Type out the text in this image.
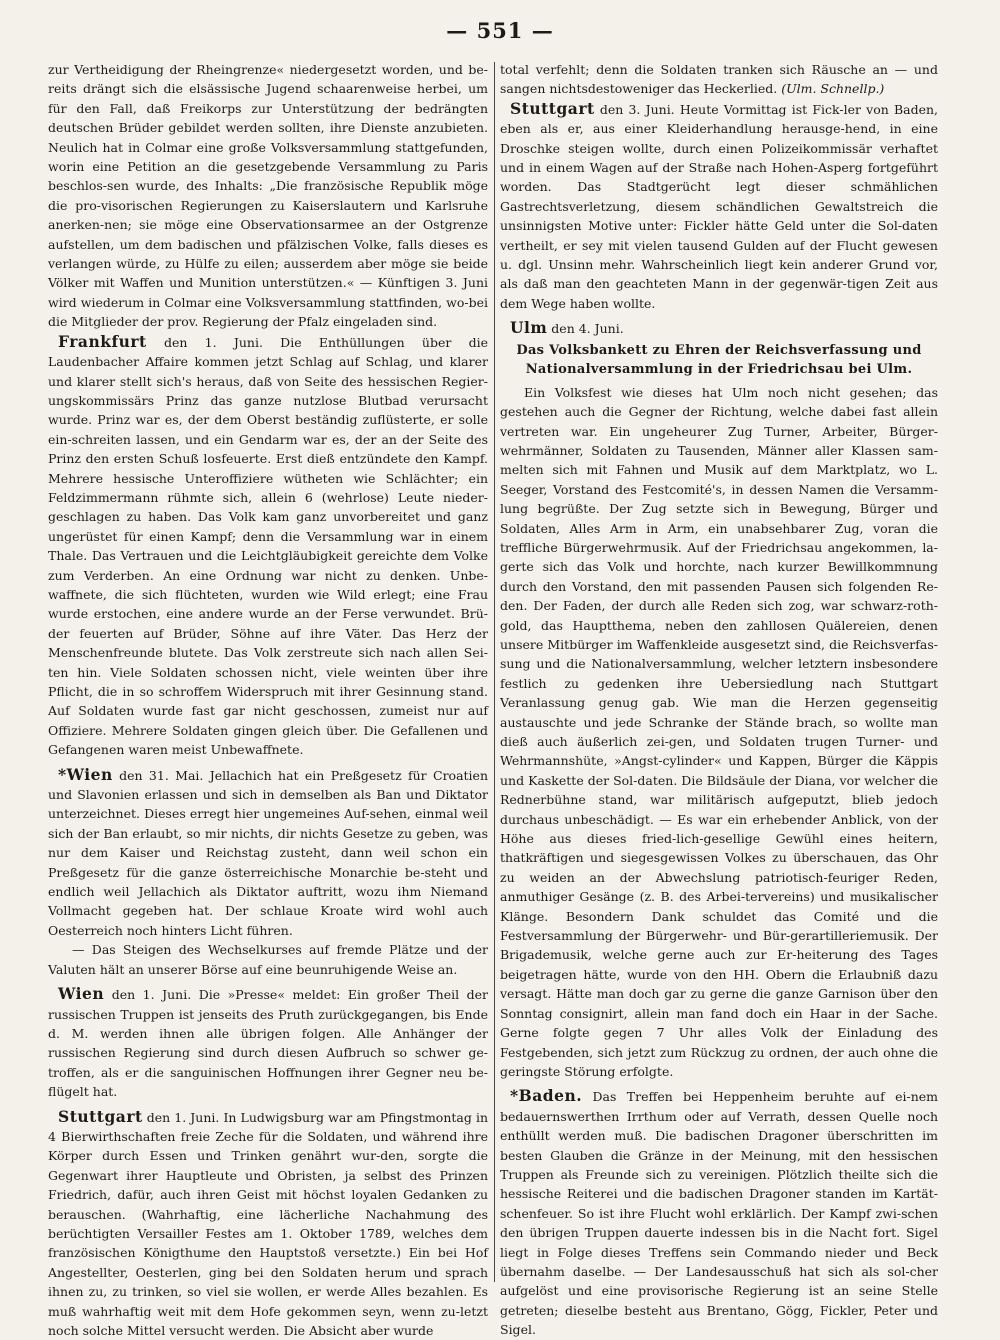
— 551 —

zur Vertheidigung der Rheingrenze« niedergesetzt worden, und be-reits drängt sich die elsässische Jugend schaarenweise herbei, um für den Fall, daß Freikorps zur Unterstützung der bedrängten deutschen Brüder gebildet werden sollten, ihre Dienste anzubieten. Neulich hat in Colmar eine große Volksversammlung stattgefunden, worin eine Petition an die gesetzgebende Versammlung zu Paris beschlos-sen wurde, des Inhalts: „Die französische Republik möge die pro-visorischen Regierungen zu Kaiserslautern und Karlsruhe anerken-nen; sie möge eine Observationsarmee an der Ostgrenze aufstellen, um dem badischen und pfälzischen Volke, falls dieses es verlangen würde, zu Hülfe zu eilen; ausserdem aber möge sie beide Völker mit Waffen und Munition unterstützen.« — Künftigen 3. Juni wird wiederum in Colmar eine Volksversammlung stattfinden, wo-bei die Mitglieder der prov. Regierung der Pfalz eingeladen sind.

Frankfurt den 1. Juni. Die Enthüllungen über die Laudenbacher Affaire kommen jetzt Schlag auf Schlag, und klarer und klarer stellt sich's heraus, daß von Seite des hessischen Regier-ungskommissärs Prinz das ganze nutzlose Blutbad verursacht wurde. Prinz war es, der dem Oberst beständig zuflüsterte, er solle ein-schreiten lassen, und ein Gendarm war es, der an der Seite des Prinz den ersten Schuß losfeuerte. Erst dieß entzündete den Kampf. Mehrere hessische Unteroffiziere wütheten wie Schlächter; ein Feldzimmermann rühmte sich, allein 6 (wehrlose) Leute nieder-geschlagen zu haben. Das Volk kam ganz unvorbereitet und ganz ungerüstet für einen Kampf; denn die Versammlung war in einem Thale. Das Vertrauen und die Leichtgläubigkeit gereichte dem Volke zum Verderben. An eine Ordnung war nicht zu denken. Unbe-waffnete, die sich flüchteten, wurden wie Wild erlegt; eine Frau wurde erstochen, eine andere wurde an der Ferse verwundet. Brü-der feuerten auf Brüder, Söhne auf ihre Väter. Das Herz der Menschenfreunde blutete. Das Volk zerstreute sich nach allen Sei-ten hin. Viele Soldaten schossen nicht, viele weinten über ihre Pflicht, die in so schroffem Widerspruch mit ihrer Gesinnung stand. Auf Soldaten wurde fast gar nicht geschossen, zumeist nur auf Offiziere. Mehrere Soldaten gingen gleich über. Die Gefallenen und Gefangenen waren meist Unbewaffnete.

*Wien den 31. Mai. Jellachich hat ein Preßgesetz für Croatien und Slavonien erlassen und sich in demselben als Ban und Diktator unterzeichnet. Dieses erregt hier ungemeines Auf-sehen, einmal weil sich der Ban erlaubt, so mir nichts, dir nichts Gesetze zu geben, was nur dem Kaiser und Reichstag zusteht, dann weil schon ein Preßgesetz für die ganze österreichische Monarchie be-steht und endlich weil Jellachich als Diktator auftritt, wozu ihm Niemand Vollmacht gegeben hat. Der schlaue Kroate wird wohl auch Oesterreich noch hinters Licht führen.

— Das Steigen des Wechselkurses auf fremde Plätze und der Valuten hält an unserer Börse auf eine beunruhigende Weise an.

Wien den 1. Juni. Die »Presse« meldet: Ein großer Theil der russischen Truppen ist jenseits des Pruth zurückgegangen, bis Ende d. M. werden ihnen alle übrigen folgen. Alle Anhänger der russischen Regierung sind durch diesen Aufbruch so schwer ge-troffen, als er die sanguinischen Hoffnungen ihrer Gegner neu be-flügelt hat.

Stuttgart den 1. Juni. In Ludwigsburg war am Pfingstmontag in 4 Bierwirthschaften freie Zeche für die Soldaten, und während ihre Körper durch Essen und Trinken genährt wur-den, sorgte die Gegenwart ihrer Hauptleute und Obristen, ja selbst des Prinzen Friedrich, dafür, auch ihren Geist mit höchst loyalen Gedanken zu berauschen. (Wahrhaftig, eine lächerliche Nachahmung des berüchtigten Versailler Festes am 1. Oktober 1789, welches dem französischen Königthume den Hauptstoß versetzte.) Ein bei Hof Angestellter, Oesterlen, ging bei den Soldaten herum und sprach ihnen zu, zu trinken, so viel sie wollen, er werde Alles bezahlen. Es muß wahrhaftig weit mit dem Hofe gekommen seyn, wenn zu-letzt noch solche Mittel versucht werden. Die Absicht aber wurde

total verfehlt; denn die Soldaten tranken sich Räusche an — und sangen nichtsdestoweniger das Heckerlied. (Ulm. Schnellp.)

Stuttgart den 3. Juni. Heute Vormittag ist Fick-ler von Baden, eben als er, aus einer Kleiderhandlung herausge-hend, in eine Droschke steigen wollte, durch einen Polizeikommissär verhaftet und in einem Wagen auf der Straße nach Hohen-Asperg fortgeführt worden. Das Stadtgerücht legt dieser schmählichen Gastrechtsverletzung, diesem schändlichen Gewaltstreich die unsinnigsten Motive unter: Fickler hätte Geld unter die Sol-daten vertheilt, er sey mit vielen tausend Gulden auf der Flucht gewesen u. dgl. Unsinn mehr. Wahrscheinlich liegt kein anderer Grund vor, als daß man den geachteten Mann in der gegenwär-tigen Zeit aus dem Wege haben wollte.

Ulm den 4. Juni.

Das Volksbankett zu Ehren der Reichsverfassung und Nationalversammlung in der Friedrichsau bei Ulm.

Ein Volksfest wie dieses hat Ulm noch nicht gesehen; das gestehen auch die Gegner der Richtung, welche dabei fast allein vertreten war. Ein ungeheurer Zug Turner, Arbeiter, Bürger-wehrmänner, Soldaten zu Tausenden, Männer aller Klassen sam-melten sich mit Fahnen und Musik auf dem Marktplatz, wo L. Seeger, Vorstand des Festcomité's, in dessen Namen die Versamm-lung begrüßte. Der Zug setzte sich in Bewegung, Bürger und Soldaten, Alles Arm in Arm, ein unabsehbarer Zug, voran die treffliche Bürgerwehrmusik. Auf der Friedrichsau angekommen, la-gerte sich das Volk und horchte, nach kurzer Bewillkommnung durch den Vorstand, den mit passenden Pausen sich folgenden Re-den. Der Faden, der durch alle Reden sich zog, war schwarz-roth-gold, das Hauptthema, neben den zahllosen Quälereien, denen unsere Mitbürger im Waffenkleide ausgesetzt sind, die Reichsverfas-sung und die Nationalversammlung, welcher letztern insbesondere festlich zu gedenken ihre Uebersiedlung nach Stuttgart Veranlassung genug gab. Wie man die Herzen gegenseitig austauschte und jede Schranke der Stände brach, so wollte man dieß auch äußerlich zei-gen, und Soldaten trugen Turner- und Wehrmannshüte, »Angst-cylinder« und Kappen, Bürger die Käppis und Kaskette der Sol-daten. Die Bildsäule der Diana, vor welcher die Rednerbühne stand, war militärisch aufgeputzt, blieb jedoch durchaus unbeschädigt. — Es war ein erhebender Anblick, von der Höhe aus dieses fried-lich-gesellige Gewühl eines heitern, thatkräftigen und siegesgewissen Volkes zu überschauen, das Ohr zu weiden an der Abwechslung patriotisch-feuriger Reden, anmuthiger Gesänge (z. B. des Arbei-tervereins) und musikalischer Klänge. Besondern Dank schuldet das Comité und die Festversammlung der Bürgerwehr- und Bür-gerartilleriemusik. Der Brigademusik, welche gerne auch zur Er-heiterung des Tages beigetragen hätte, wurde von den HH. Obern die Erlaubniß dazu versagt. Hätte man doch gar zu gerne die ganze Garnison über den Sonntag consignirt, allein man fand doch ein Haar in der Sache. Gerne folgte gegen 7 Uhr alles Volk der Einladung des Festgebenden, sich jetzt zum Rückzug zu ordnen, der auch ohne die geringste Störung erfolgte.

*Baden. Das Treffen bei Heppenheim beruhte auf ei-nem bedauernswerthen Irrthum oder auf Verrath, dessen Quelle noch enthüllt werden muß. Die badischen Dragoner überschritten im besten Glauben die Gränze in der Meinung, mit den hessischen Truppen als Freunde sich zu vereinigen. Plötzlich theilte sich die hessische Reiterei und die badischen Dragoner standen im Kartät-schenfeuer. So ist ihre Flucht wohl erklärlich. Der Kampf zwi-schen den übrigen Truppen dauerte indessen bis in die Nacht fort. Sigel liegt in Folge dieses Treffens sein Commando nieder und Beck übernahm daselbe. — Der Landesausschuß hat sich als sol-cher aufgelöst und eine provisorische Regierung ist an seine Stelle getreten; dieselbe besteht aus Brentano, Gögg, Fickler, Peter und Sigel.
